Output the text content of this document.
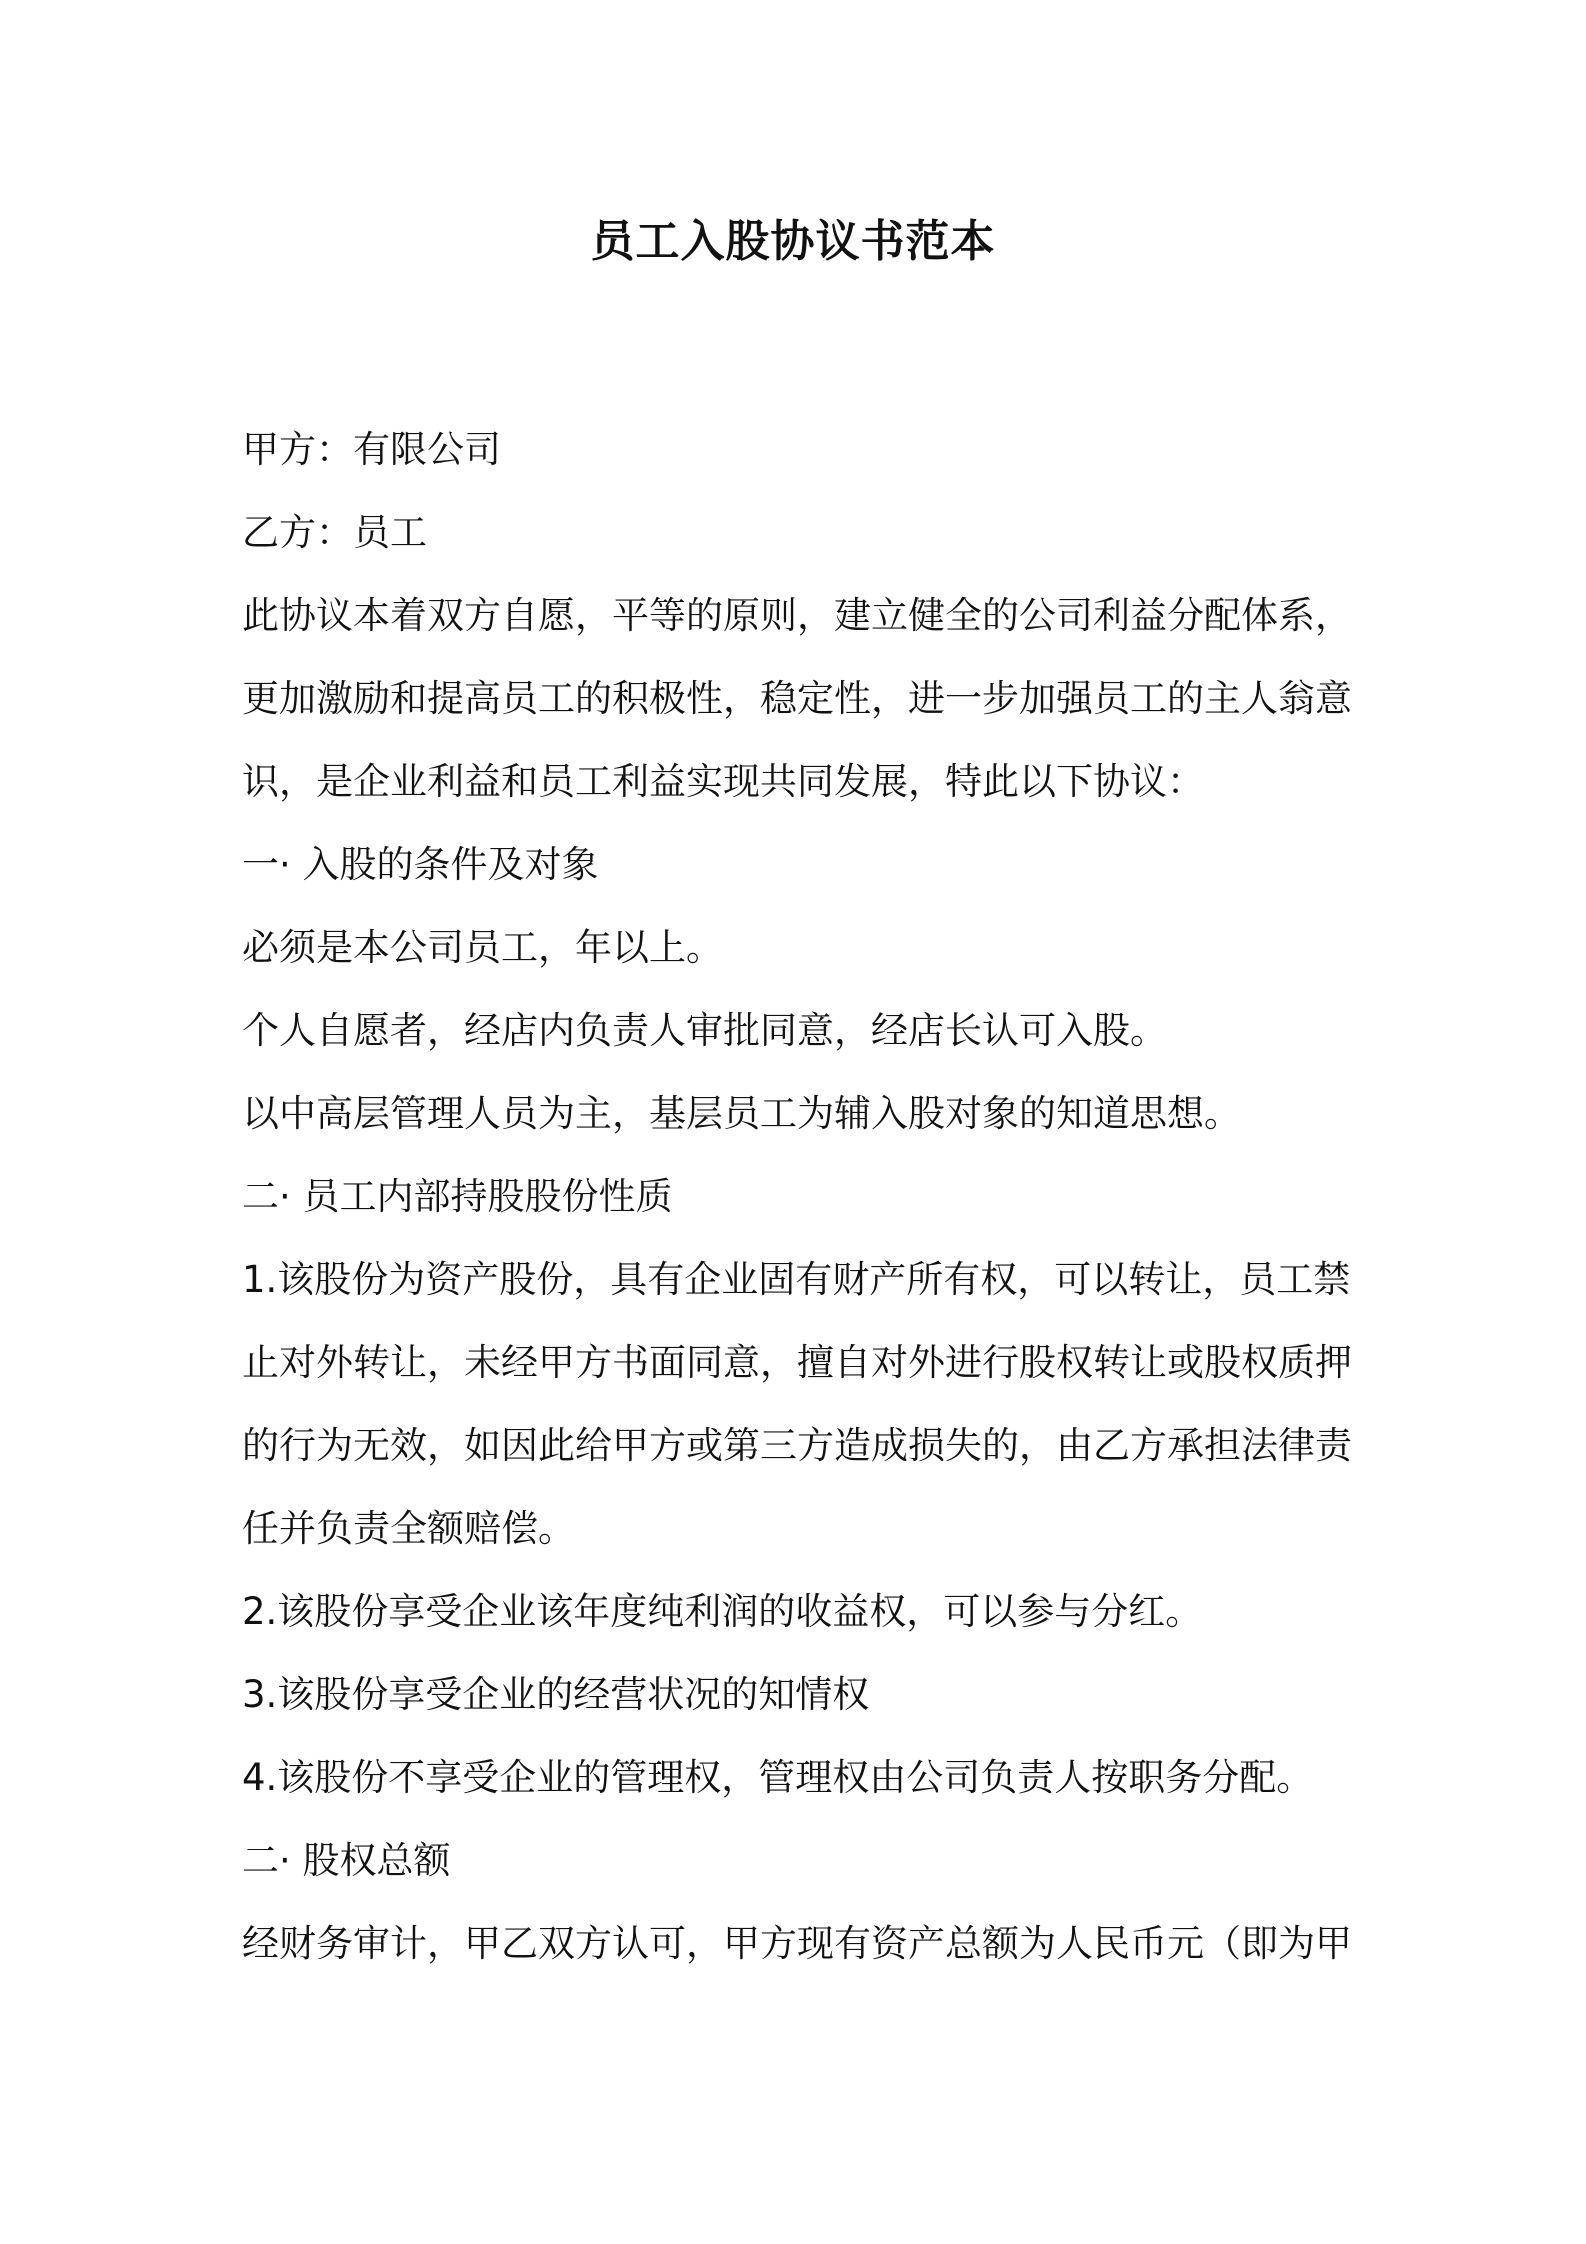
员工入股协议书范本

甲方：有限公司

乙方：员工

此协议本着双方自愿，平等的原则，建立健全的公司利益分配体系，

更加激励和提高员工的积极性，稳定性，进一步加强员工的主人翁意

识，是企业利益和员工利益实现共同发展，特此以下协议：

一· 入股的条件及对象

必须是本公司员工，年以上。

个人自愿者，经店内负责人审批同意，经店长认可入股。

以中高层管理人员为主，基层员工为辅入股对象的知道思想。

二· 员工内部持股股份性质

1.该股份为资产股份，具有企业固有财产所有权，可以转让，员工禁

止对外转让，未经甲方书面同意，擅自对外进行股权转让或股权质押

的行为无效，如因此给甲方或第三方造成损失的，由乙方承担法律责

任并负责全额赔偿。

2.该股份享受企业该年度纯利润的收益权，可以参与分红。

3.该股份享受企业的经营状况的知情权

4.该股份不享受企业的管理权，管理权由公司负责人按职务分配。

二· 股权总额

经财务审计，甲乙双方认可，甲方现有资产总额为人民币元（即为甲
